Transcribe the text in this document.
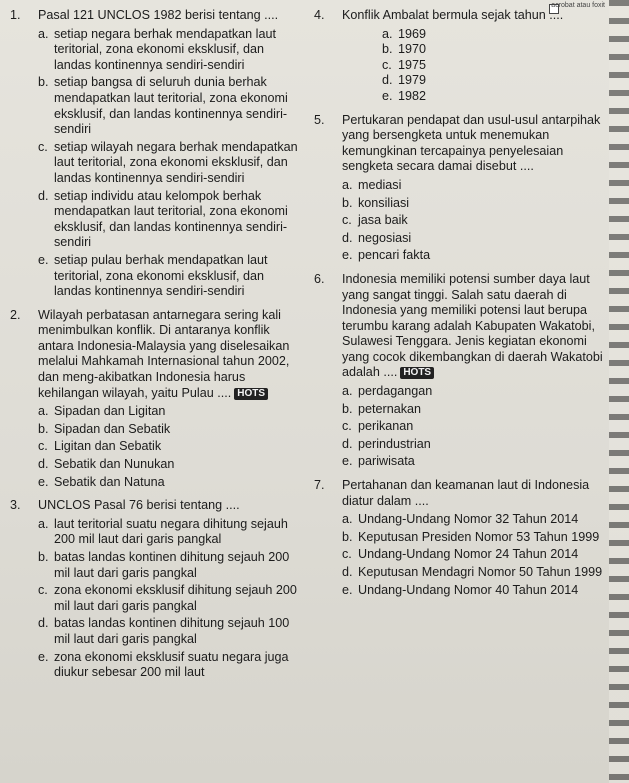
acrobat atau foxit
1.	Pasal 121 UNCLOS 1982 berisi tentang ....
a. setiap negara berhak mendapatkan laut teritorial, zona ekonomi eksklusif, dan landas kontinennya sendiri-sendiri
b. setiap bangsa di seluruh dunia berhak mendapatkan laut teritorial, zona ekonomi eksklusif, dan landas kontinennya sendiri-sendiri
c. setiap wilayah negara berhak mendapatkan laut teritorial, zona ekonomi eksklusif, dan landas kontinennya sendiri-sendiri
d. setiap individu atau kelompok berhak mendapatkan laut teritorial, zona ekonomi eksklusif, dan landas kontinennya sendiri-sendiri
e. setiap pulau berhak mendapatkan laut teritorial, zona ekonomi eksklusif, dan landas kontinennya sendiri-sendiri
2.	Wilayah perbatasan antarnegara sering kali menimbulkan konflik. Di antaranya konflik antara Indonesia-Malaysia yang diselesaikan melalui Mahkamah Internasional tahun 2002, dan meng-akibatkan Indonesia harus kehilangan wilayah, yaitu Pulau .... HOTS
a. Sipadan dan Ligitan
b. Sipadan dan Sebatik
c. Ligitan dan Sebatik
d. Sebatik dan Nunukan
e. Sebatik dan Natuna
3.	UNCLOS Pasal 76 berisi tentang ....
a. laut teritorial suatu negara dihitung sejauh 200 mil laut dari garis pangkal
b. batas landas kontinen dihitung sejauh 200 mil laut dari garis pangkal
c. zona ekonomi eksklusif dihitung sejauh 200 mil laut dari garis pangkal
d. batas landas kontinen dihitung sejauh 100 mil laut dari garis pangkal
e. zona ekonomi eksklusif suatu negara juga diukur sebesar 200 mil laut
4.	Konflik Ambalat bermula sejak tahun ....
a. 1969
b. 1970
c. 1975
d. 1979
e. 1982
5.	Pertukaran pendapat dan usul-usul antarpihak yang bersengketa untuk menemukan kemungkinan tercapainya penyelesaian sengketa secara damai disebut ....
a. mediasi
b. konsiliasi
c. jasa baik
d. negosiasi
e. pencari fakta
6.	Indonesia memiliki potensi sumber daya laut yang sangat tinggi. Salah satu daerah di Indonesia yang memiliki potensi laut berupa terumbu karang adalah Kabupaten Wakatobi, Sulawesi Tenggara. Jenis kegiatan ekonomi yang cocok dikembangkan di daerah Wakatobi adalah .... HOTS
a. perdagangan
b. peternakan
c. perikanan
d. perindustrian
e. pariwisata
7.	Pertahanan dan keamanan laut di Indonesia diatur dalam ....
a. Undang-Undang Nomor 32 Tahun 2014
b. Keputusan Presiden Nomor 53 Tahun 1999
c. Undang-Undang Nomor 24 Tahun 2014
d. Keputusan Mendagri Nomor 50 Tahun 1999
e. Undang-Undang Nomor 40 Tahun 2014
